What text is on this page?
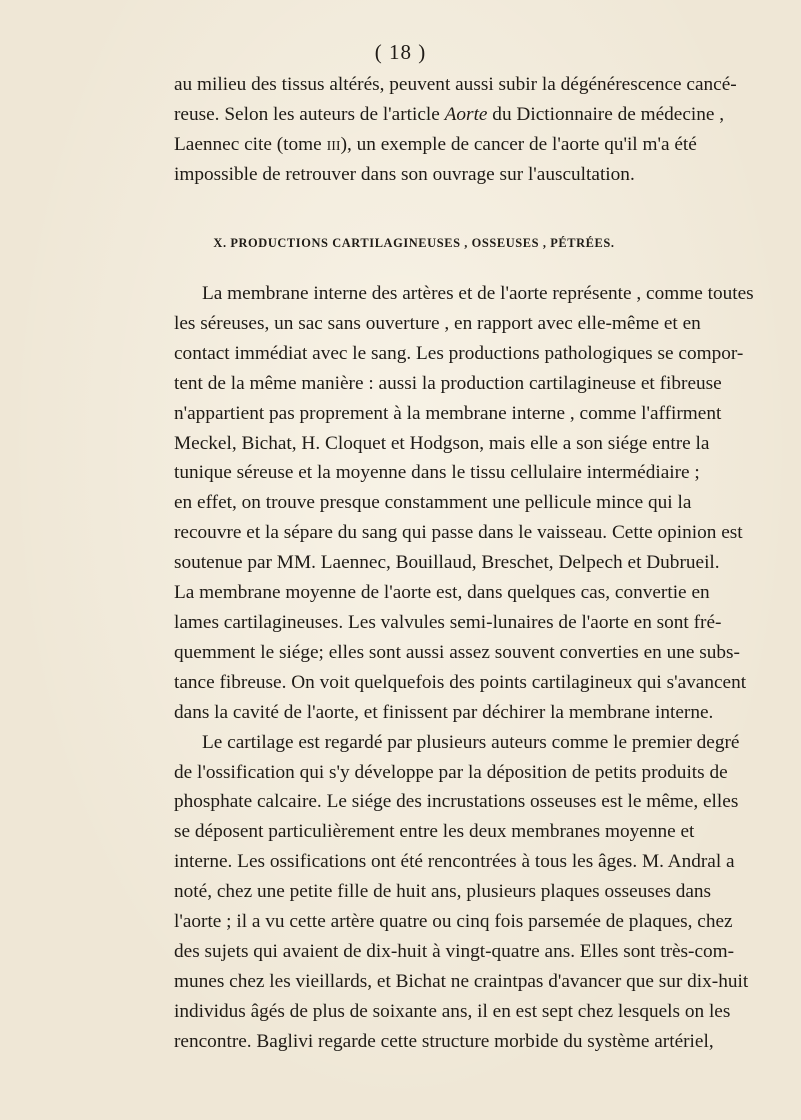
( 18 )
au milieu des tissus altérés, peuvent aussi subir la dégénérescence cancé-
reuse. Selon les auteurs de l'article Aorte du Dictionnaire de médecine ,
Laennec cite (tome iii), un exemple de cancer de l'aorte qu'il m'a été
impossible de retrouver dans son ouvrage sur l'auscultation.
X. PRODUCTIONS CARTILAGINEUSES , OSSEUSES , PÉTRÉES.
La membrane interne des artères et de l'aorte représente , comme toutes
les séreuses, un sac sans ouverture , en rapport avec elle-même et en
contact immédiat avec le sang. Les productions pathologiques se compor-
tent de la même manière : aussi la production cartilagineuse et fibreuse
n'appartient pas proprement à la membrane interne , comme l'affirment
Meckel, Bichat, H. Cloquet et Hodgson, mais elle a son siége entre la
tunique séreuse et la moyenne dans le tissu cellulaire intermédiaire ;
en effet, on trouve presque constamment une pellicule mince qui la
recouvre et la sépare du sang qui passe dans le vaisseau. Cette opinion est
soutenue par MM. Laennec, Bouillaud, Breschet, Delpech et Dubrueil.
La membrane moyenne de l'aorte est, dans quelques cas, convertie en
lames cartilagineuses. Les valvules semi-lunaires de l'aorte en sont fré-
quemment le siége; elles sont aussi assez souvent converties en une subs-
tance fibreuse. On voit quelquefois des points cartilagineux qui s'avancent
dans la cavité de l'aorte, et finissent par déchirer la membrane interne.
Le cartilage est regardé par plusieurs auteurs comme le premier degré
de l'ossification qui s'y développe par la déposition de petits produits de
phosphate calcaire. Le siége des incrustations osseuses est le même, elles
se déposent particulièrement entre les deux membranes moyenne et
interne. Les ossifications ont été rencontrées à tous les âges. M. Andral a
noté, chez une petite fille de huit ans, plusieurs plaques osseuses dans
l'aorte ; il a vu cette artère quatre ou cinq fois parsemée de plaques, chez
des sujets qui avaient de dix-huit à vingt-quatre ans. Elles sont très-com-
munes chez les vieillards, et Bichat ne craintpas d'avancer que sur dix-huit
individus âgés de plus de soixante ans, il en est sept chez lesquels on les
rencontre. Baglivi regarde cette structure morbide du système artériel,
